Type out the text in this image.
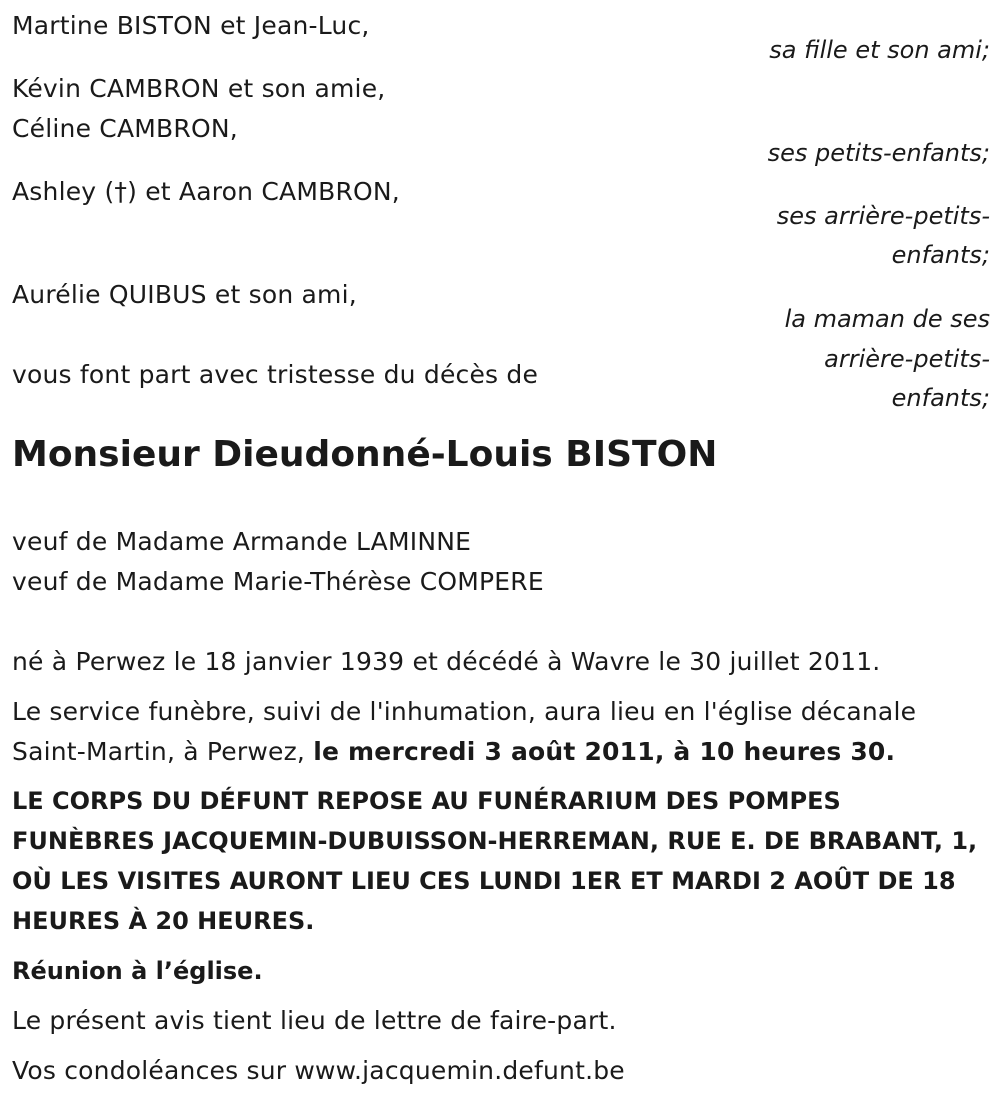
Martine BISTON et Jean-Luc,
sa fille et son ami;
Kévin CAMBRON et son amie,
Céline CAMBRON,
ses petits-enfants;
Ashley (†) et Aaron CAMBRON,
ses arrière-petits-
enfants;
Aurélie QUIBUS et son ami,
la maman de ses
arrière-petits-
enfants;
vous font part avec tristesse du décès de
Monsieur Dieudonné-Louis BISTON
veuf de Madame Armande LAMINNE
veuf de Madame Marie-Thérèse COMPERE
né à Perwez le 18 janvier 1939 et décédé à Wavre le 30 juillet 2011.
Le service funèbre, suivi de l'inhumation, aura lieu en l'église décanale
Saint-Martin, à Perwez, le mercredi 3 août 2011, à 10 heures 30.
LE CORPS DU DÉFUNT REPOSE AU FUNÉRARIUM DES POMPES
FUNÈBRES JACQUEMIN-DUBUISSON-HERREMAN, RUE E. DE BRABANT, 1,
OÙ LES VISITES AURONT LIEU CES LUNDI 1ER ET MARDI 2 AOÛT DE 18
HEURES À 20 HEURES.
Réunion à l’église.
Le présent avis tient lieu de lettre de faire-part.
Vos condoléances sur www.jacquemin.defunt.be
